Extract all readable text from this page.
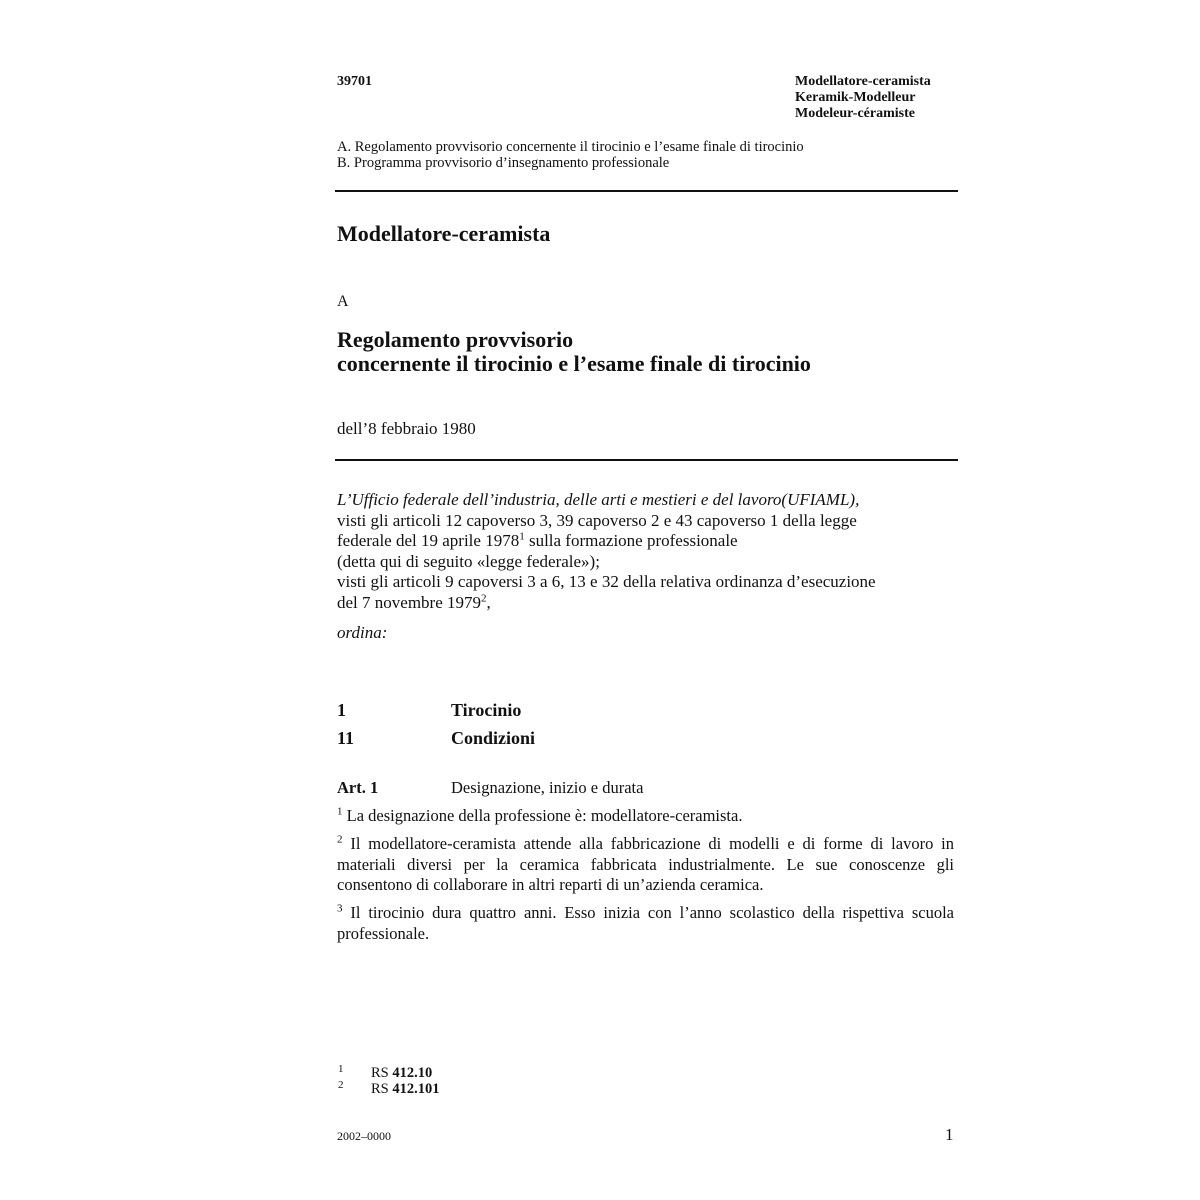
39701	Modellatore-ceramista
Keramik-Modelleur
Modeleur-céramiste
A. Regolamento provvisorio concernente il tirocinio e l’esame finale di tirocinio
B. Programma provvisorio d’insegnamento professionale
Modellatore-ceramista
A
Regolamento provvisorio
concernente il tirocinio e l’esame finale di tirocinio
dell’8 febbraio 1980
L’Ufficio federale dell’industria, delle arti e mestieri e del lavoro(UFIAML),
visti gli articoli 12 capoverso 3, 39 capoverso 2 e 43 capoverso 1 della legge
federale del 19 aprile 1978$^1$ sulla formazione professionale
(detta qui di seguito «legge federale»);
visti gli articoli 9 capoversi 3 a 6, 13 e 32 della relativa ordinanza d’esecuzione
del 7 novembre 1979$^2$,
ordina:
1	Tirocinio
11	Condizioni
Art. 1	Designazione, inizio e durata
$^1$ La designazione della professione è: modellatore-ceramista.
$^2$ Il modellatore-ceramista attende alla fabbricazione di modelli e di forme di lavoro in materiali diversi per la ceramica fabbricata industrialmente. Le sue conoscenze gli consentono di collaborare in altri reparti di un’azienda ceramica.
$^3$ Il tirocinio dura quattro anni. Esso inizia con l’anno scolastico della rispettiva scuola professionale.
1 RS 412.10
2 RS 412.101
2002–0000	1
